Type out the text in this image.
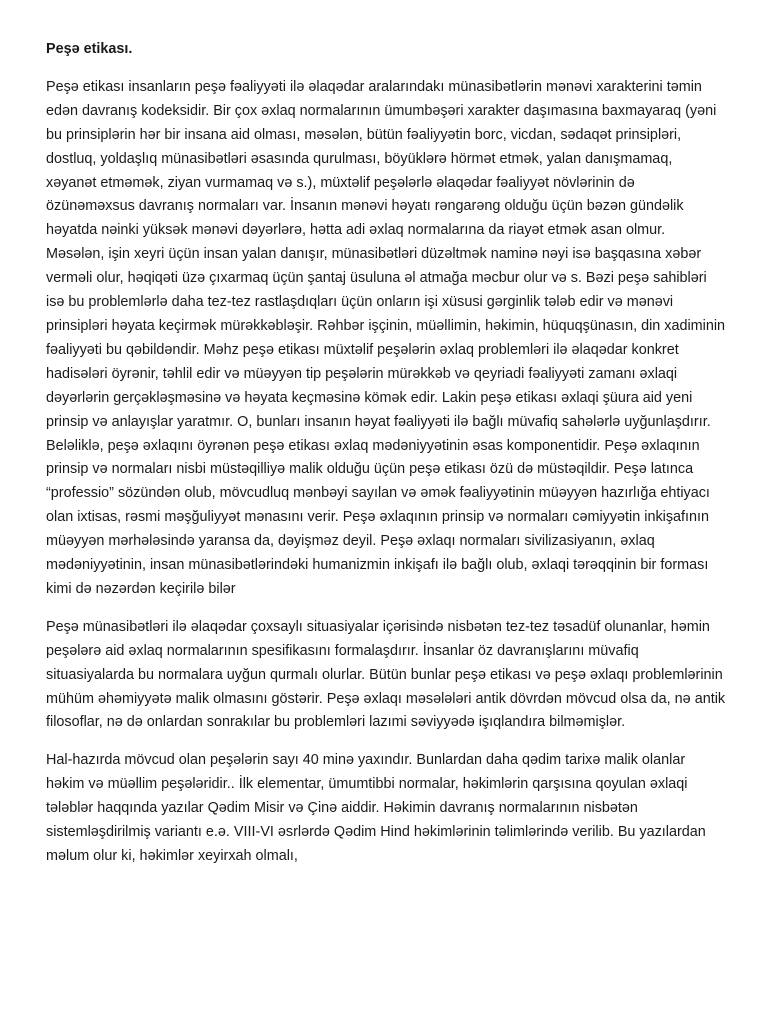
Peşə etikası.

Peşə etikası insanların peşə fəaliyyəti ilə əlaqədar aralarındakı münasibətlərin mənəvi xarakterini təmin edən davranış kodeksidir. Bir çox əxlaq normalarının ümumbəşəri xarakter daşımasına baxmayaraq (yəni bu prinsiplərin hər bir insana aid olması, məsələn, bütün fəaliyyətin borc, vicdan, sədaqət prinsipləri, dostluq, yoldaşlıq münasibətləri əsasında qurulması, böyüklərə hörmət etmək, yalan danışmamaq, xəyanət etməmək, ziyan vurmamaq və s.), müxtəlif peşələrlə əlaqədar fəaliyyət növlərinin də özünəməxsus davranış normaları var. İnsanın mənəvi həyatı rəngarəng olduğu üçün bəzən gündəlik həyatda nəinki yüksək mənəvi dəyərlərə, hətta adi əxlaq normalarına da riayət etmək asan olmur. Məsələn, işin xeyri üçün insan yalan danışır, münasibətləri düzəltmək naminə nəyi isə başqasına xəbər verməli olur, həqiqəti üzə çıxarmaq üçün şantaj üsuluna əl atmağa məcbur olur və s. Bəzi peşə sahibləri isə bu problemlərlə daha tez-tez rastlaşdıqları üçün onların işi xüsusi gərginlik tələb edir və mənəvi prinsipləri həyata keçirmək mürəkkəbləşir. Rəhbər işçinin, müəllimin, həkimin, hüquqşünasın, din xadiminin fəaliyyəti bu qəbildəndir. Məhz peşə etikası müxtəlif peşələrin əxlaq problemləri ilə əlaqədar konkret hadisələri öyrənir, təhlil edir və müəyyən tip peşələrin mürəkkəb və qeyriadi fəaliyyəti zamanı əxlaqi dəyərlərin gerçəkləşməsinə və həyata keçməsinə kömək edir. Lakin peşə etikası əxlaqi şüura aid yeni prinsip və anlayışlar yaratmır. O, bunları insanın həyat fəaliyyəti ilə bağlı müvafiq sahələrlə uyğunlaşdırır. Beləliklə, peşə əxlaqını öyrənən peşə etikası əxlaq mədəniyyətinin əsas komponentidir. Peşə əxlaqının prinsip və normaları nisbi müstəqilliyə malik olduğu üçün peşə etikası özü də müstəqildir. Peşə latınca “professio” sözündən olub, mövcudluq mənbəyi sayılan və əmək fəaliyyətinin müəyyən hazırlığa ehtiyacı olan ixtisas, rəsmi məşğuliyyət mənasını verir. Peşə əxlaqının prinsip və normaları cəmiyyətin inkişafının müəyyən mərhələsində yaransa da, dəyişməz deyil. Peşə əxlaqı normaları sivilizasiyanın, əxlaq mədəniyyətinin, insan münasibətlərindəki humanizmin inkişafı ilə bağlı olub, əxlaqi tərəqqinin bir forması kimi də nəzərdən keçirilə bilər

Peşə münasibətləri ilə əlaqədar çoxsaylı situasiyalar içərisində nisbətən tez-tez təsadüf olunanlar, həmin peşələrə aid əxlaq normalarının spesifikasını formalaşdırır. İnsanlar öz davranışlarını müvafiq situasiyalarda bu normalara uyğun qurmalı olurlar. Bütün bunlar peşə etikası və peşə əxlaqı problemlərinin mühüm əhəmiyyətə malik olmasını göstərir. Peşə əxlaqı məsələləri antik dövrdən mövcud olsa da, nə antik filosoflar, nə də onlardan sonrakılar bu problemləri lazımi səviyyədə işıqlandıra bilməmişlər.

Hal-hazırda mövcud olan peşələrin sayı 40 minə yaxındır. Bunlardan daha qədim tarixə malik olanlar həkim və müəllim peşələridir.. İlk elementar, ümumtibbi normalar, həkimlərin qarşısına qoyulan əxlaqi tələblər haqqında yazılar Qədim Misir və Çinə aiddir. Həkimin davranış normalarının nisbətən sistemləşdirilmiş variantı e.ə. VIII-VI əsrlərdə Qədim Hind həkimlərinin təlimlərində verilib. Bu yazılardan məlum olur ki, həkimlər xeyirxah olmalı,
